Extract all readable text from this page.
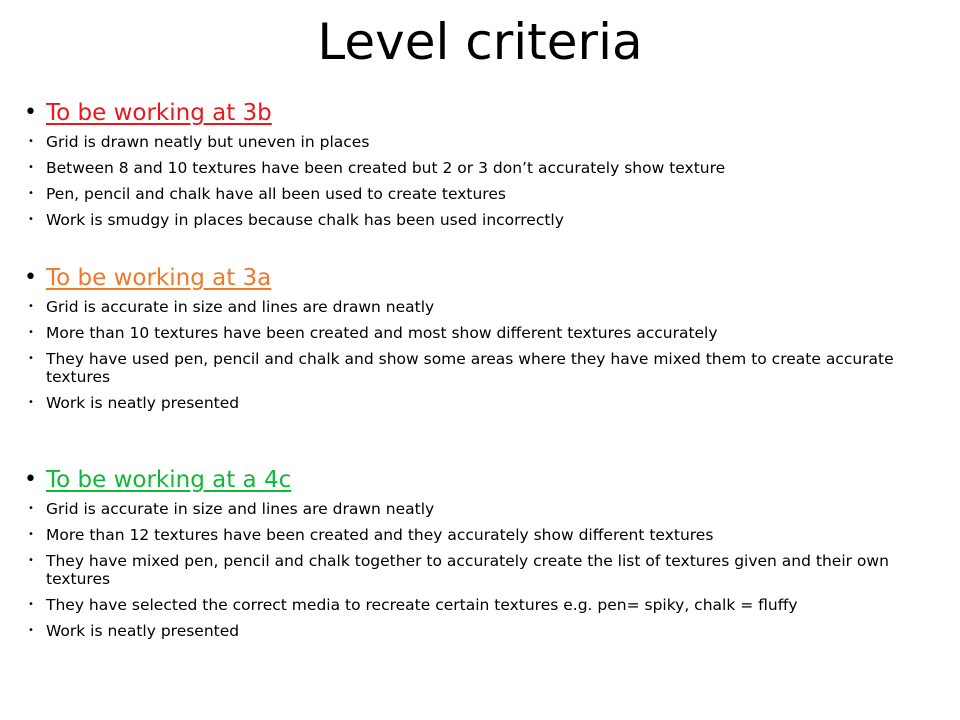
Level criteria
• To be working at 3b
• Grid is drawn neatly but uneven in places
• Between 8 and 10 textures have been created but 2 or 3 don’t accurately show texture
• Pen, pencil and chalk have all been used to create textures
• Work is smudgy in places because chalk has been used incorrectly
• To be working at 3a
• Grid is accurate in size and lines are drawn neatly
• More than 10 textures have been created and most show different textures accurately
• They have used pen, pencil and chalk and show some areas where they have mixed them to create accurate textures
• Work is neatly presented
• To be working at a 4c
• Grid is accurate in size and lines are drawn neatly
• More than 12 textures have been created and they accurately show different textures
• They have mixed pen, pencil and chalk together to accurately create the list of textures given and their own textures
• They have selected the correct media to recreate certain textures e.g. pen= spiky, chalk = fluffy
• Work is neatly presented
